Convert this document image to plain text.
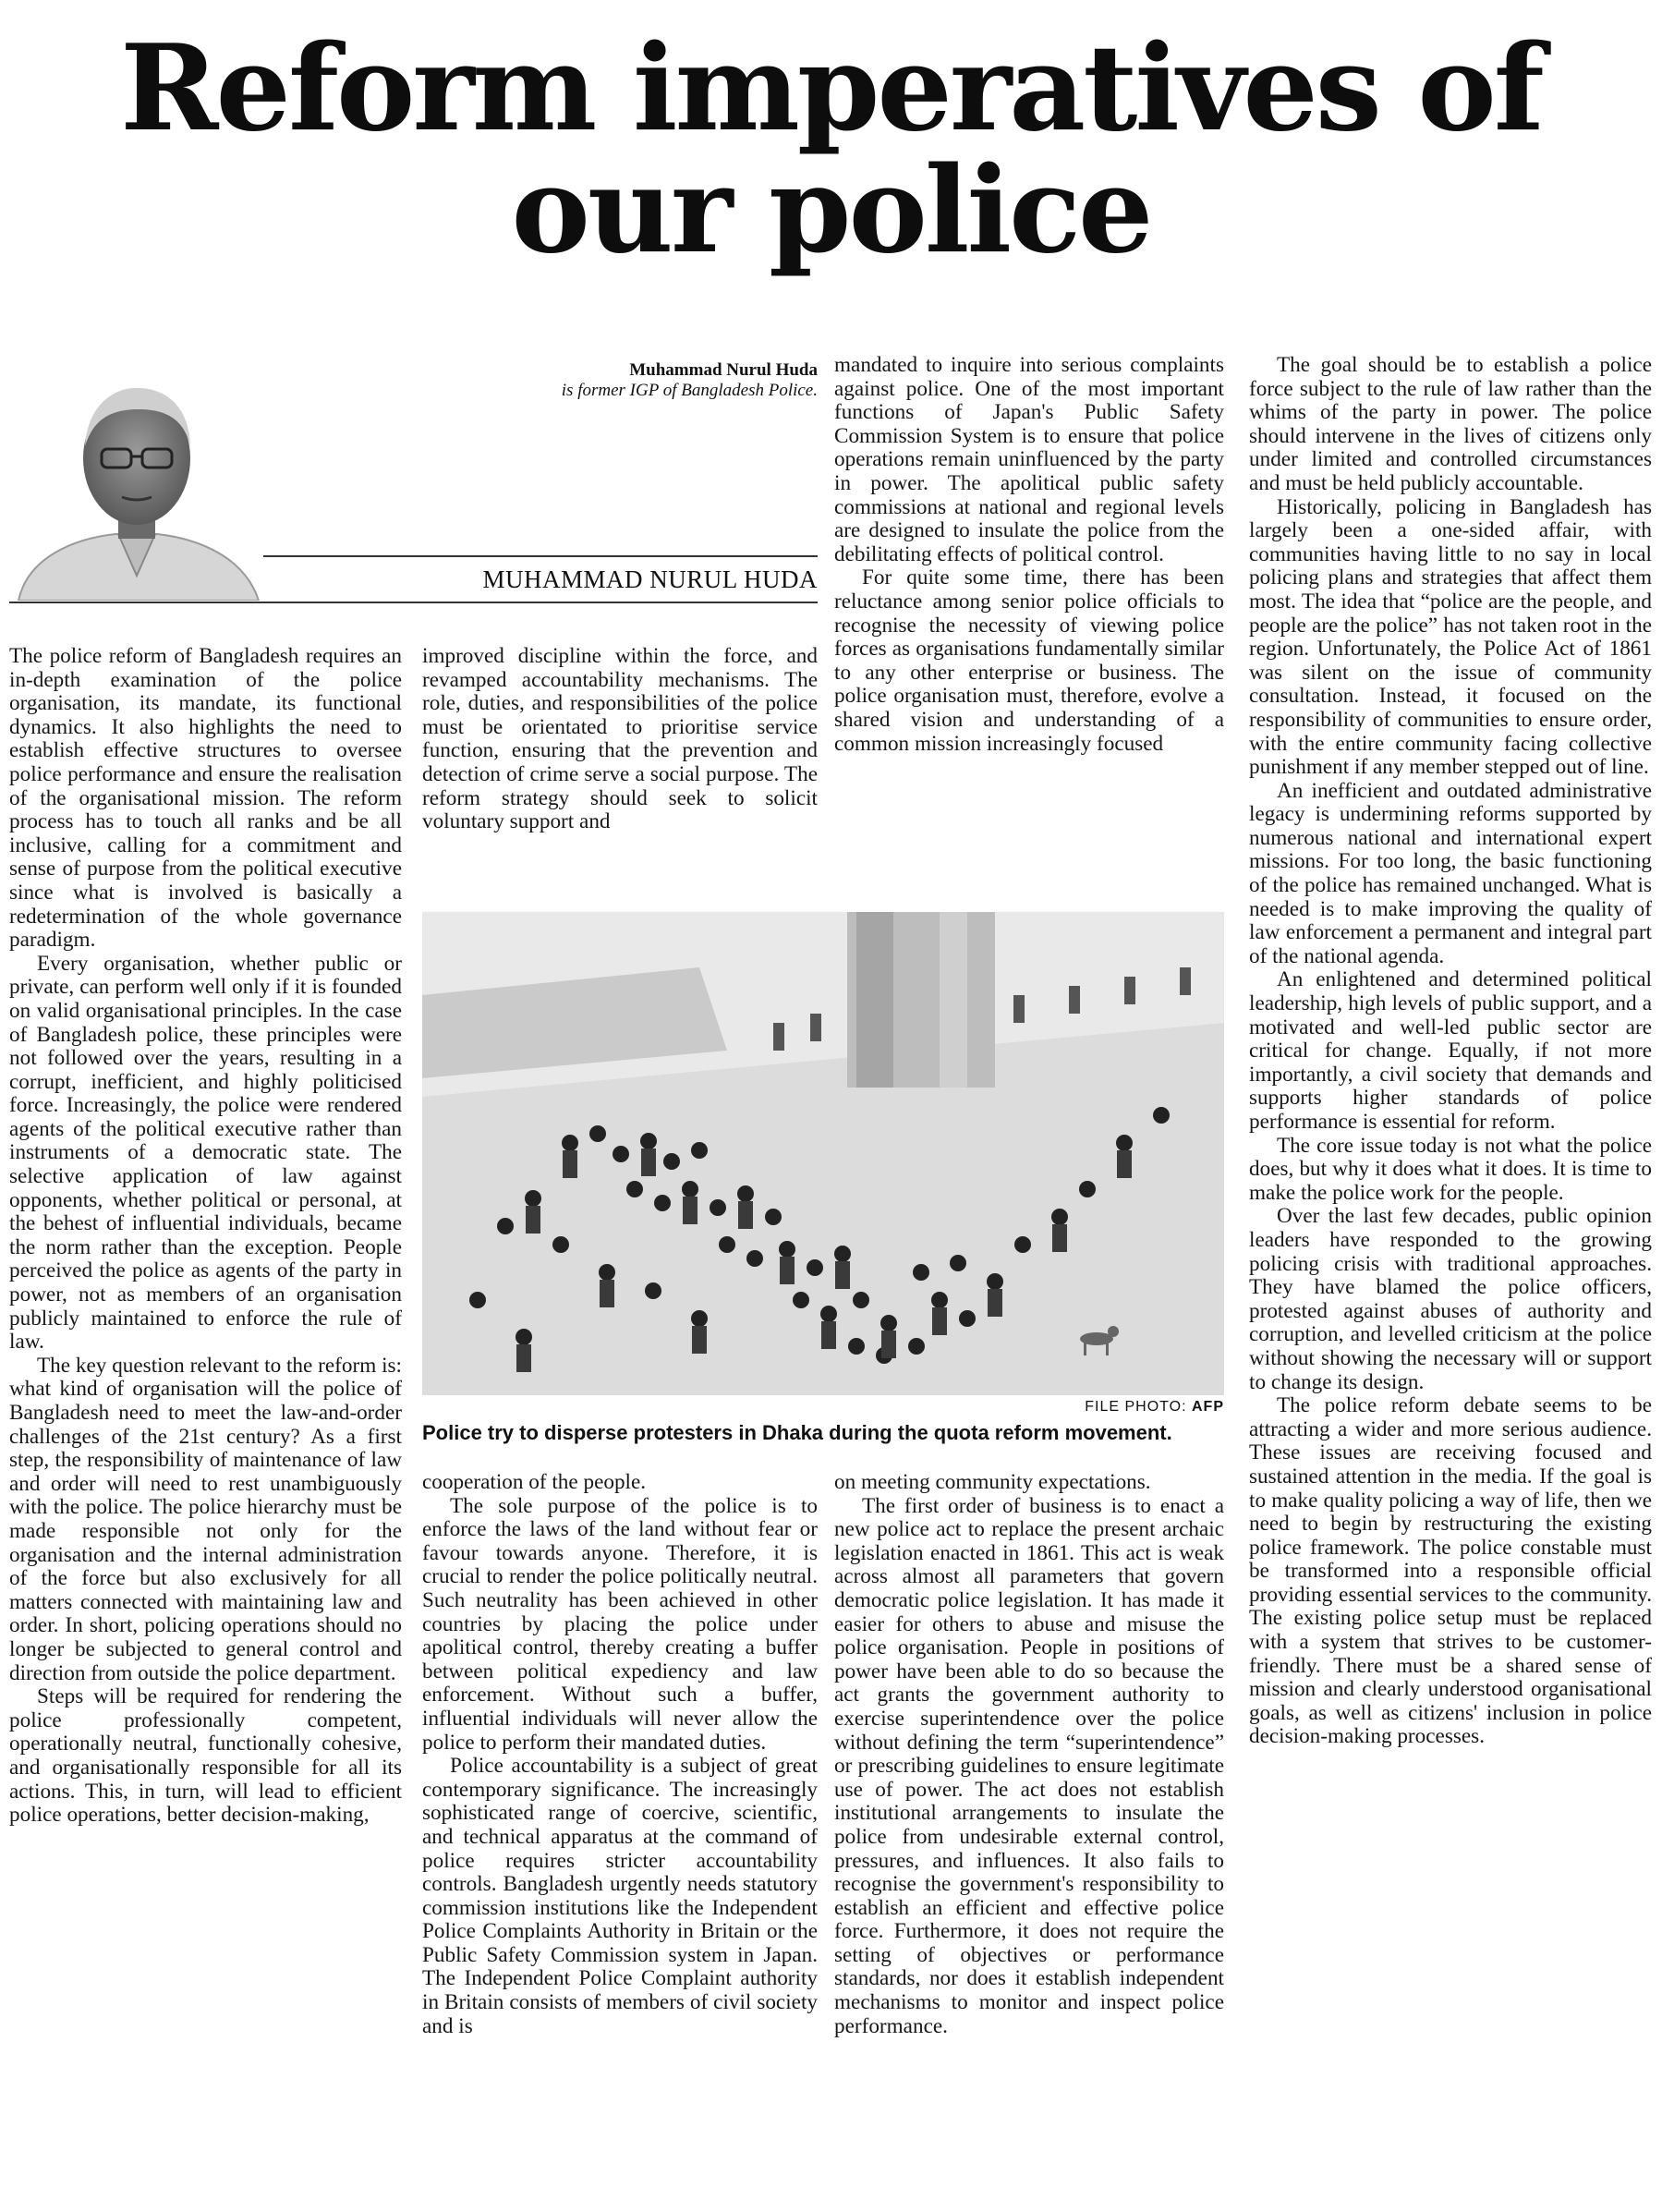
Reform imperatives of
our police
Muhammad Nurul Huda
is former IGP of Bangladesh Police.
MUHAMMAD NURUL HUDA

The police reform of Bangladesh requires an in-depth examination of the police organisation, its mandate, its functional dynamics. It also highlights the need to establish effective structures to oversee police performance and ensure the realisation of the organisational mission. The reform process has to touch all ranks and be all inclusive, calling for a commitment and sense of purpose from the political executive since what is involved is basically a redetermination of the whole governance paradigm.

Every organisation, whether public or private, can perform well only if it is founded on valid organisational principles. In the case of Bangladesh police, these principles were not followed over the years, resulting in a corrupt, inefficient, and highly politicised force. Increasingly, the police were rendered agents of the political executive rather than instruments of a democratic state. The selective application of law against opponents, whether political or personal, at the behest of influential individuals, became the norm rather than the exception. People perceived the police as agents of the party in power, not as members of an organisation publicly maintained to enforce the rule of law.

The key question relevant to the reform is: what kind of organisation will the police of Bangladesh need to meet the law-and-order challenges of the 21st century? As a first step, the responsibility of maintenance of law and order will need to rest unambiguously with the police. The police hierarchy must be made responsible not only for the organisation and the internal administration of the force but also exclusively for all matters connected with maintaining law and order. In short, policing operations should no longer be subjected to general control and direction from outside the police department.

Steps will be required for rendering the police professionally competent, operationally neutral, functionally cohesive, and organisationally responsible for all its actions. This, in turn, will lead to efficient police operations, better decision-making,

improved discipline within the force, and revamped accountability mechanisms. The role, duties, and responsibilities of the police must be orientated to prioritise service function, ensuring that the prevention and detection of crime serve a social purpose. The reform strategy should seek to solicit voluntary support and

mandated to inquire into serious complaints against police. One of the most important functions of Japan's Public Safety Commission System is to ensure that police operations remain uninfluenced by the party in power. The apolitical public safety commissions at national and regional levels are designed to insulate the police from the debilitating effects of political control.

For quite some time, there has been reluctance among senior police officials to recognise the necessity of viewing police forces as organisations fundamentally similar to any other enterprise or business. The police organisation must, therefore, evolve a shared vision and understanding of a common mission increasingly focused

FILE PHOTO: AFP
Police try to disperse protesters in Dhaka during the quota reform movement.

cooperation of the people.

The sole purpose of the police is to enforce the laws of the land without fear or favour towards anyone. Therefore, it is crucial to render the police politically neutral. Such neutrality has been achieved in other countries by placing the police under apolitical control, thereby creating a buffer between political expediency and law enforcement. Without such a buffer, influential individuals will never allow the police to perform their mandated duties.

Police accountability is a subject of great contemporary significance. The increasingly sophisticated range of coercive, scientific, and technical apparatus at the command of police requires stricter accountability controls. Bangladesh urgently needs statutory commission institutions like the Independent Police Complaints Authority in Britain or the Public Safety Commission system in Japan. The Independent Police Complaint authority in Britain consists of members of civil society and is

on meeting community expectations.

The first order of business is to enact a new police act to replace the present archaic legislation enacted in 1861. This act is weak across almost all parameters that govern democratic police legislation. It has made it easier for others to abuse and misuse the police organisation. People in positions of power have been able to do so because the act grants the government authority to exercise superintendence over the police without defining the term “superintendence” or prescribing guidelines to ensure legitimate use of power. The act does not establish institutional arrangements to insulate the police from undesirable external control, pressures, and influences. It also fails to recognise the government's responsibility to establish an efficient and effective police force. Furthermore, it does not require the setting of objectives or performance standards, nor does it establish independent mechanisms to monitor and inspect police performance.

The goal should be to establish a police force subject to the rule of law rather than the whims of the party in power. The police should intervene in the lives of citizens only under limited and controlled circumstances and must be held publicly accountable.

Historically, policing in Bangladesh has largely been a one-sided affair, with communities having little to no say in local policing plans and strategies that affect them most. The idea that “police are the people, and people are the police” has not taken root in the region. Unfortunately, the Police Act of 1861 was silent on the issue of community consultation. Instead, it focused on the responsibility of communities to ensure order, with the entire community facing collective punishment if any member stepped out of line.

An inefficient and outdated administrative legacy is undermining reforms supported by numerous national and international expert missions. For too long, the basic functioning of the police has remained unchanged. What is needed is to make improving the quality of law enforcement a permanent and integral part of the national agenda.

An enlightened and determined political leadership, high levels of public support, and a motivated and well-led public sector are critical for change. Equally, if not more importantly, a civil society that demands and supports higher standards of police performance is essential for reform.

The core issue today is not what the police does, but why it does what it does. It is time to make the police work for the people.

Over the last few decades, public opinion leaders have responded to the growing policing crisis with traditional approaches. They have blamed the police officers, protested against abuses of authority and corruption, and levelled criticism at the police without showing the necessary will or support to change its design.

The police reform debate seems to be attracting a wider and more serious audience. These issues are receiving focused and sustained attention in the media. If the goal is to make quality policing a way of life, then we need to begin by restructuring the existing police framework. The police constable must be transformed into a responsible official providing essential services to the community. The existing police setup must be replaced with a system that strives to be customer-friendly. There must be a shared sense of mission and clearly understood organisational goals, as well as citizens' inclusion in police decision-making processes.
